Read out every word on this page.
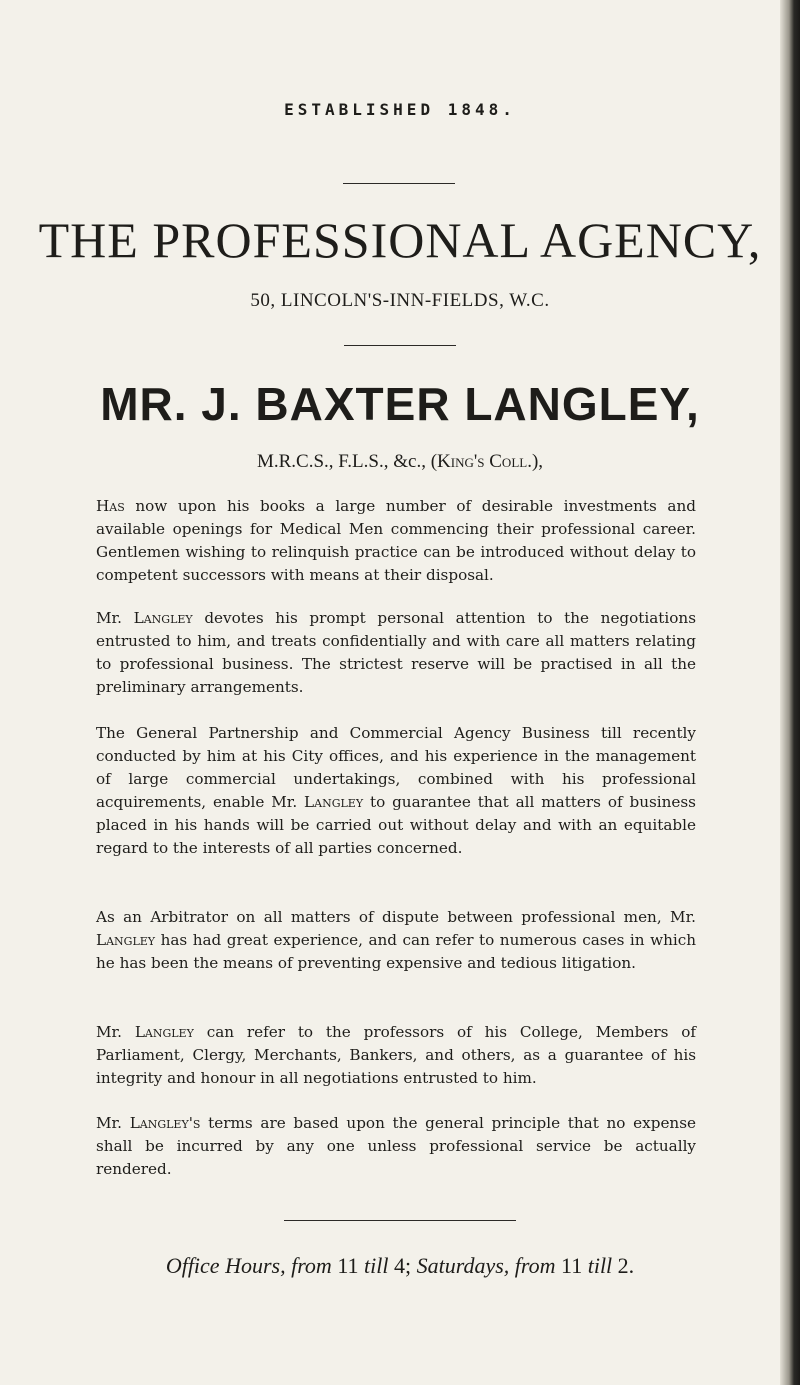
ESTABLISHED 1848.
THE PROFESSIONAL AGENCY,
50, LINCOLN'S-INN-FIELDS, W.C.
MR. J. BAXTER LANGLEY,
M.R.C.S., F.L.S., &c., (King's Coll.),
Has now upon his books a large number of desirable investments and available openings for Medical Men commencing their professional career. Gentlemen wishing to relinquish practice can be introduced without delay to competent successors with means at their disposal.
Mr. Langley devotes his prompt personal attention to the negotiations entrusted to him, and treats confidentially and with care all matters relating to professional business. The strictest reserve will be practised in all the preliminary arrangements.
The General Partnership and Commercial Agency Business till recently conducted by him at his City offices, and his experience in the management of large commercial undertakings, combined with his professional acquirements, enable Mr. Langley to guarantee that all matters of business placed in his hands will be carried out without delay and with an equitable regard to the interests of all parties concerned.
As an Arbitrator on all matters of dispute between professional men, Mr. Langley has had great experience, and can refer to numerous cases in which he has been the means of preventing expensive and tedious litigation.
Mr. Langley can refer to the professors of his College, Members of Parliament, Clergy, Merchants, Bankers, and others, as a guarantee of his integrity and honour in all negotiations entrusted to him.
Mr. Langley's terms are based upon the general principle that no expense shall be incurred by any one unless professional service be actually rendered.
Office Hours, from 11 till 4; Saturdays, from 11 till 2.
